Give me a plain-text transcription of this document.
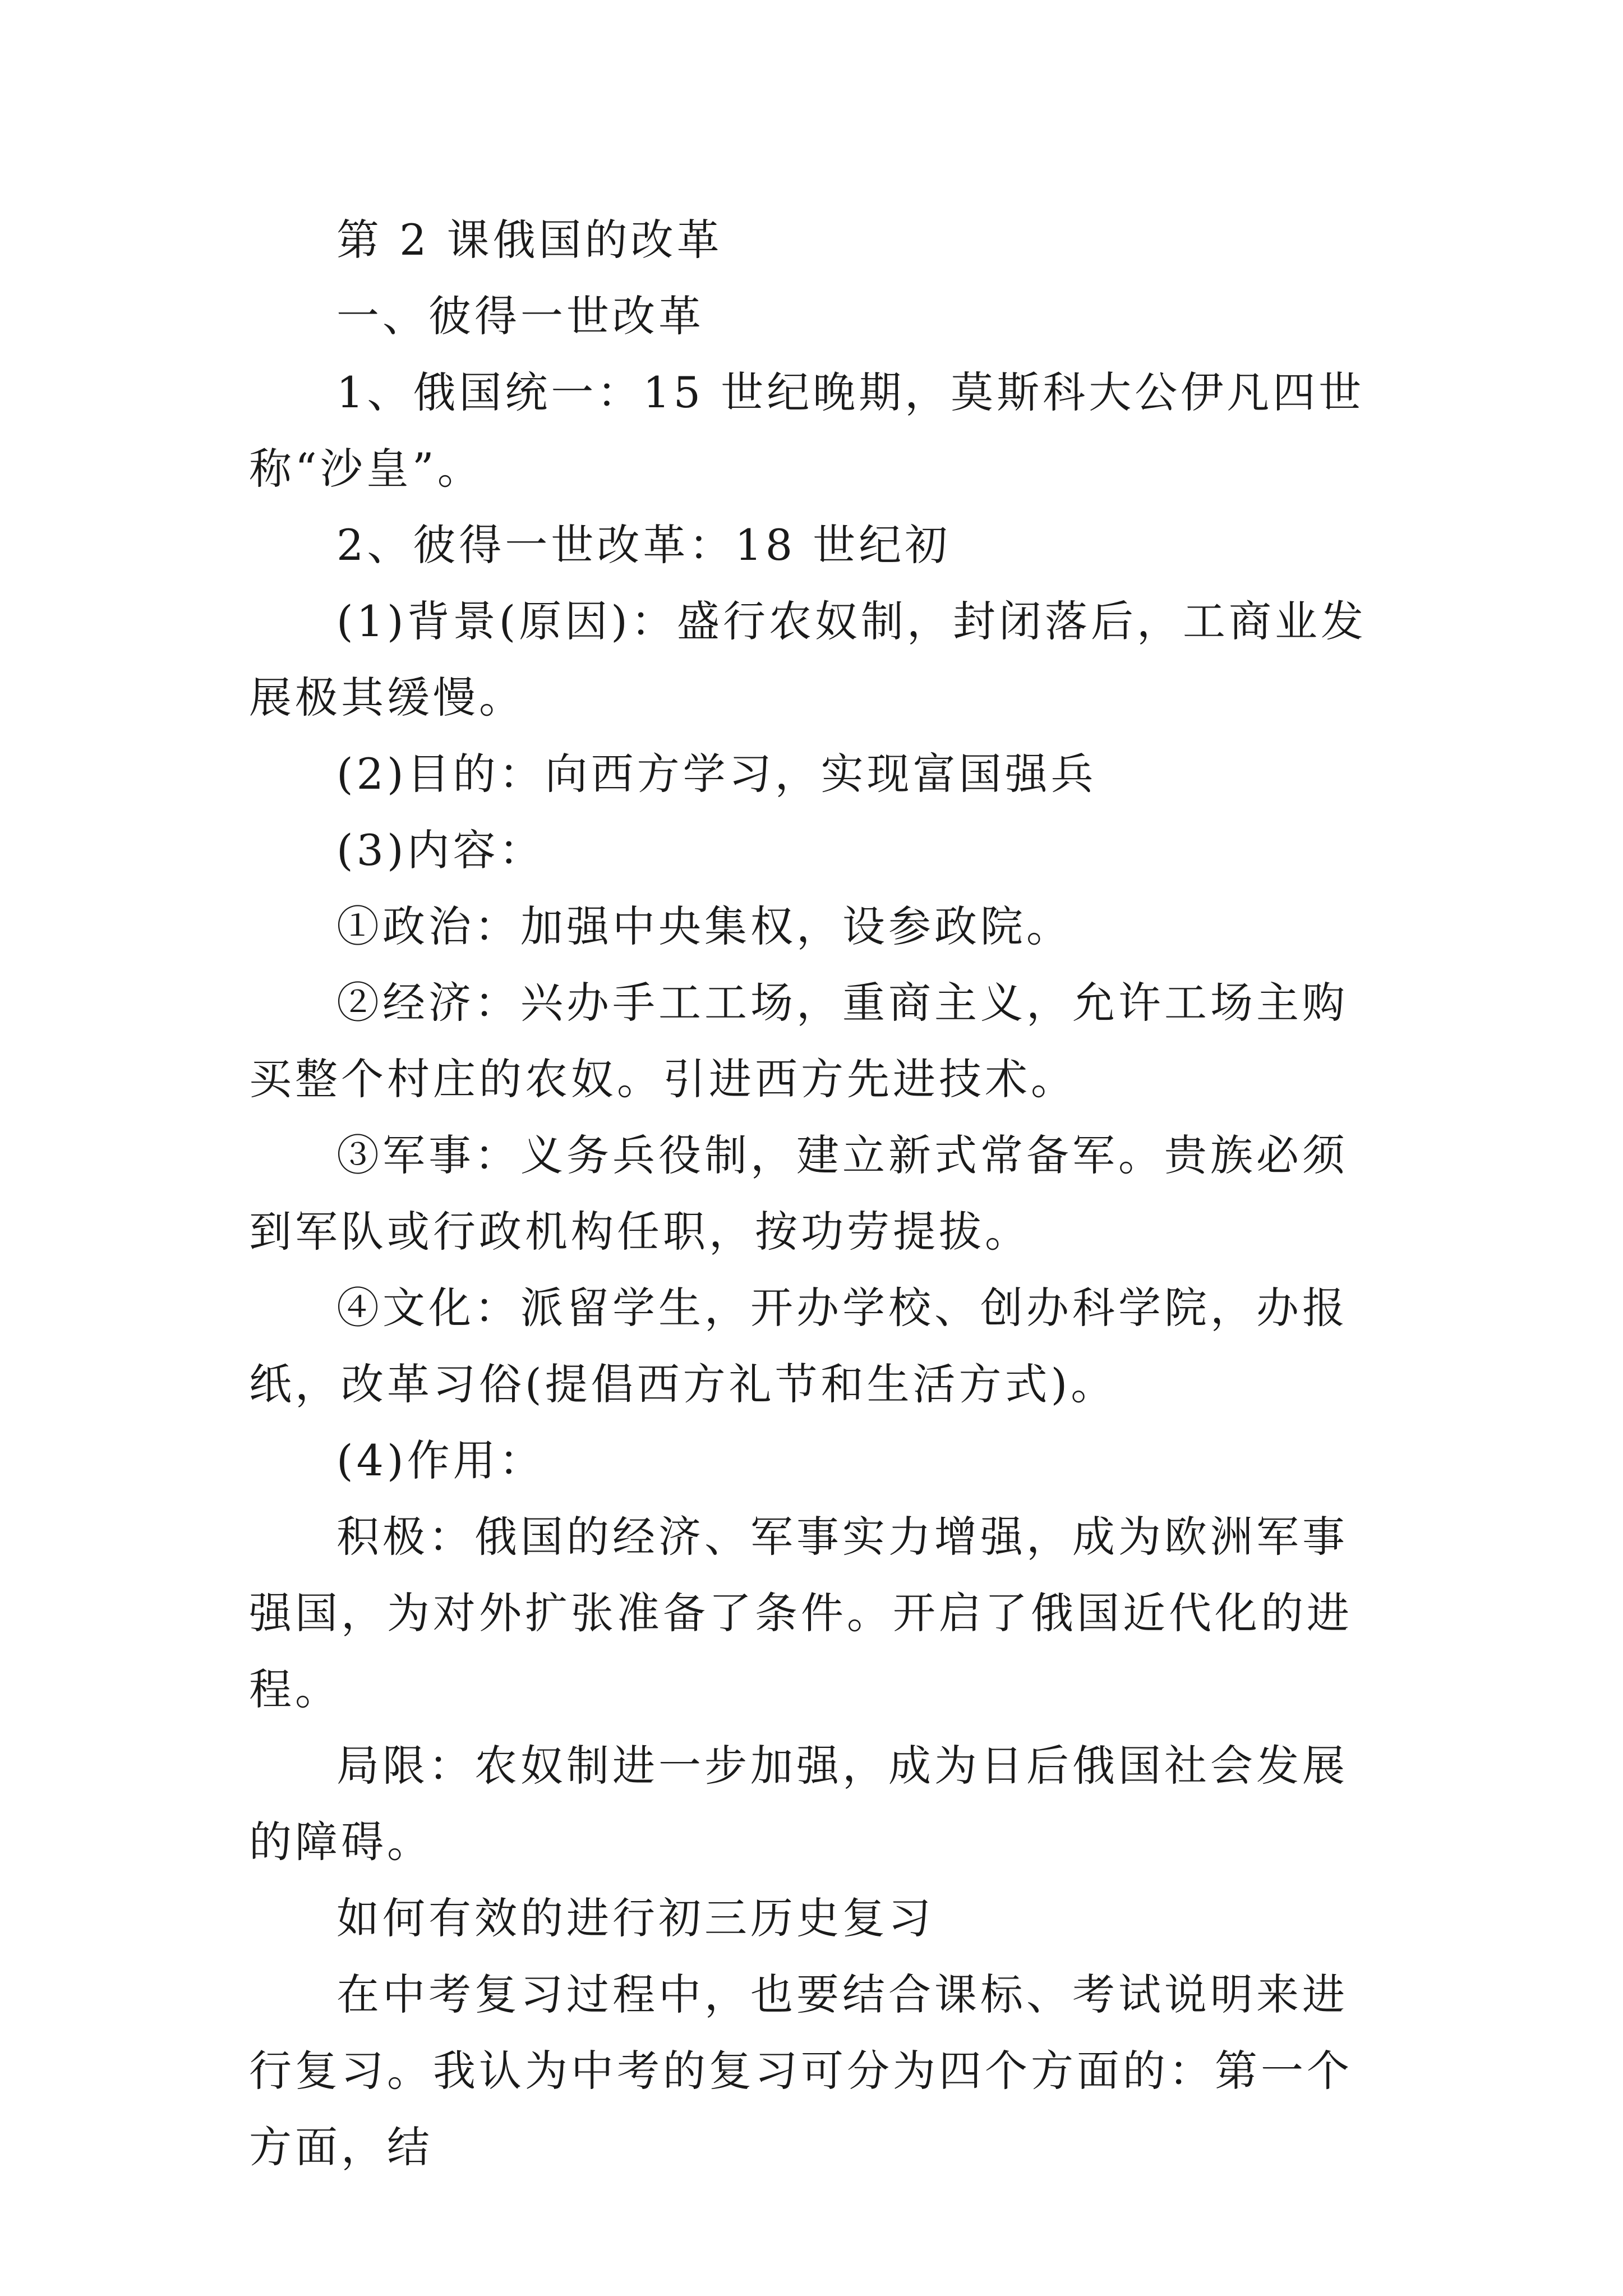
第 2 课俄国的改革

一、彼得一世改革

1、俄国统一：15 世纪晚期，莫斯科大公伊凡四世称“沙皇”。

2、彼得一世改革：18 世纪初

(1)背景(原因)：盛行农奴制，封闭落后，工商业发展极其缓慢。

(2)目的：向西方学习，实现富国强兵

(3)内容：

①政治：加强中央集权，设参政院。

②经济：兴办手工工场，重商主义，允许工场主购买整个村庄的农奴。引进西方先进技术。

③军事：义务兵役制，建立新式常备军。贵族必须到军队或行政机构任职，按功劳提拔。

④文化：派留学生，开办学校、创办科学院，办报纸，改革习俗(提倡西方礼节和生活方式)。

(4)作用：

积极：俄国的经济、军事实力增强，成为欧洲军事强国，为对外扩张准备了条件。开启了俄国近代化的进程。

局限：农奴制进一步加强，成为日后俄国社会发展的障碍。

如何有效的进行初三历史复习

在中考复习过程中，也要结合课标、考试说明来进行复习。我认为中考的复习可分为四个方面的：第一个方面，结
